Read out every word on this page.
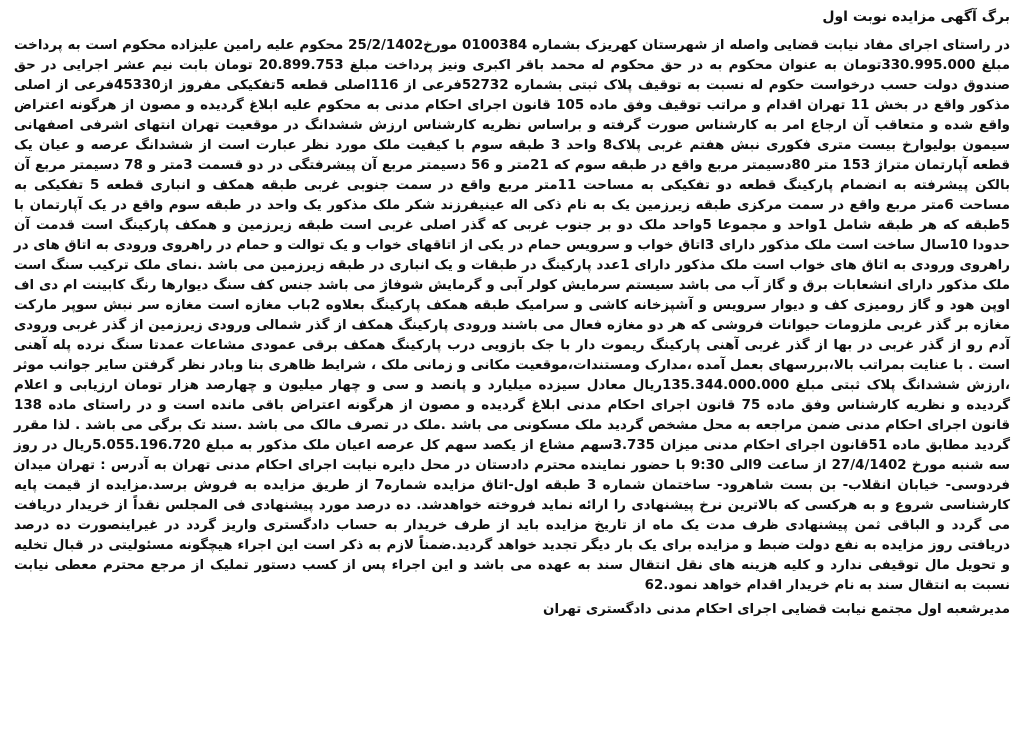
برگ آگهی مزایده نوبت اول

در راستای اجرای مفاد نیابت قضایی واصله از شهرستان کهریزک بشماره 0100384 مورخ25/2/1402 محکوم علیه رامین علیزاده محکوم است به پرداخت مبلغ 330.995.000تومان به عنوان محکوم به در حق محکوم له محمد باقر اکبری ونیز پرداخت مبلغ 20.899.753 تومان بابت نیم عشر اجرایی در حق صندوق دولت حسب درخواست حکوم له نسبت به توقیف پلاک ثبتی بشماره 52732فرعی از 116اصلی قطعه 5تفکیکی مفروز از45330فرعی از اصلی مذکور واقع در بخش 11 تهران اقدام و مراتب توقیف وفق ماده 105 قانون اجرای احکام مدنی به محکوم علیه ابلاغ گردیده و مصون از هرگونه اعتراض واقع شده و متعاقب آن ارجاع امر به کارشناس صورت گرفته و براساس نظریه کارشناس ارزش ششدانگ در موقعیت تهران انتهای اشرفی اصفهانی سیمون بولیوارخ بیست متری فکوری نبش هفتم غربی پلاک8 واحد 3 طبقه سوم با کیفیت ملک مورد نظر عبارت است از ششدانگ عرصه و عیان یک قطعه آپارتمان متراژ 153 متر 80دسیمتر مربع واقع در طبقه سوم که 21متر و 56 دسیمتر مربع آن پیشرفتگی در دو قسمت 3متر و 78 دسیمتر مربع آن بالکن پیشرفته به انضمام پارکینگ قطعه دو تفکیکی به مساحت 11متر مربع واقع در سمت جنوبی غربی طبقه همکف و انباری قطعه 5 تفکیکی به مساحت 6متر مربع واقع در سمت مرکزی طبقه زیرزمین یک به نام ذکی اله عینیفرزند شکر ملک مذکور یک واحد در طبقه سوم واقع در یک آپارتمان با 5طبقه که هر طبقه شامل 1واحد و مجموعا 5واحد ملک دو بر جنوب غربی که گذر اصلی غربی است طبقه زیرزمین و همکف پارکینگ است قدمت آن حدودا 10سال ساخت است ملک مذکور دارای 3اتاق خواب و سرویس حمام در یکی از اتاقهای خواب و یک توالت و حمام در راهروی ورودی به اتاق های در راهروی ورودی به اتاق های خواب است ملک مذکور دارای 1عدد پارکینگ در طبقات و یک انباری در طبقه زیرزمین می باشد .نمای ملک ترکیب سنگ است ملک مذکور دارای انشعابات برق و گاز آب می باشد سیستم سرمایش کولر آبی و گرمایش شوفاژ می باشد جنس کف سنگ دیوارها رنگ کابینت ام دی اف اوپن هود و گاز رومیزی کف و دیوار سرویس و آشپزخانه کاشی و سرامیک طبقه همکف پارکینگ بعلاوه 2باب مغازه است مغازه سر نبش سوپر مارکت مغازه بر گذر غربی ملزومات حیوانات فروشی که هر دو مغازه فعال می باشند ورودی پارکینگ همکف از گذر شمالی ورودی زیرزمین از گذر غربی ورودی آدم رو از گذر غربی در بها از گذر غربی آهنی پارکینگ ریموت دار با جک بازویی درب پارکینگ همکف برقی عمودی مشاعات عمدتا سنگ نرده پله آهنی است . با عنایت بمراتب بالا،بررسهای بعمل آمده ،مدارک ومستندات،موقعیت مکانی و زمانی ملک ، شرایط ظاهری بنا وبادر نظر گرفتن سایر جوانب موثر ،ارزش ششدانگ پلاک ثبتی مبلغ 135.344.000.000ریال معادل سیزده میلیارد و پانصد و سی و چهار میلیون و چهارصد هزار تومان ارزیابی و اعلام گردیده و نظریه کارشناس وفق ماده 75 قانون اجرای احکام مدنی ابلاغ گردیده و مصون از هرگونه اعتراض باقی مانده است و در راستای ماده 138 قانون اجرای احکام مدنی ضمن مراجعه به محل مشخص گردید ملک مسکونی می باشد .ملک در تصرف مالک می باشد .سند تک برگی می باشد . لذا مقرر گردید مطابق ماده 51قانون اجرای احکام مدنی میزان 3.735سهم مشاع از یکصد سهم کل عرصه اعیان ملک مذکور به مبلغ 5.055.196.720ریال در روز سه شنبه مورخ 27/4/1402 از ساعت 9الی 9:30 با حضور نماینده محترم دادستان در محل دایره نیابت اجرای احکام مدنی تهران به آدرس : تهران میدان فردوسی- خیابان انقلاب- بن بست شاهرود- ساختمان شماره 3 طبقه اول-اتاق مزایده شماره7 از طریق مزایده به فروش برسد.مزایده از قیمت پایه کارشناسی شروع و به هرکسی که بالاترین نرخ پیشنهادی را ارائه نماید فروخته خواهدشد. ده درصد مورد پیشنهادی فی المجلس نقداً از خریدار دریافت می گردد و الباقی ثمن پیشنهادی ظرف مدت یک ماه از تاریخ مزایده باید از طرف خریدار به حساب دادگستری واریز گردد در غیراینصورت ده درصد دریافتی روز مزایده به نفع دولت ضبط و مزایده برای یک بار دیگر تجدید خواهد گردید.ضمناً لازم به ذکر است این اجراء هیچگونه مسئولیتی در قبال تخلیه و تحویل مال توقیفی ندارد و کلیه هزینه های نقل انتقال سند به عهده می باشد و این اجراء پس از کسب دستور تملیک از مرجع محترم معطی نیابت نسبت به انتقال سند به نام خریدار اقدام خواهد نمود.62

مدیرشعبه اول مجتمع نیابت قضایی اجرای احکام مدنی دادگستری تهران
